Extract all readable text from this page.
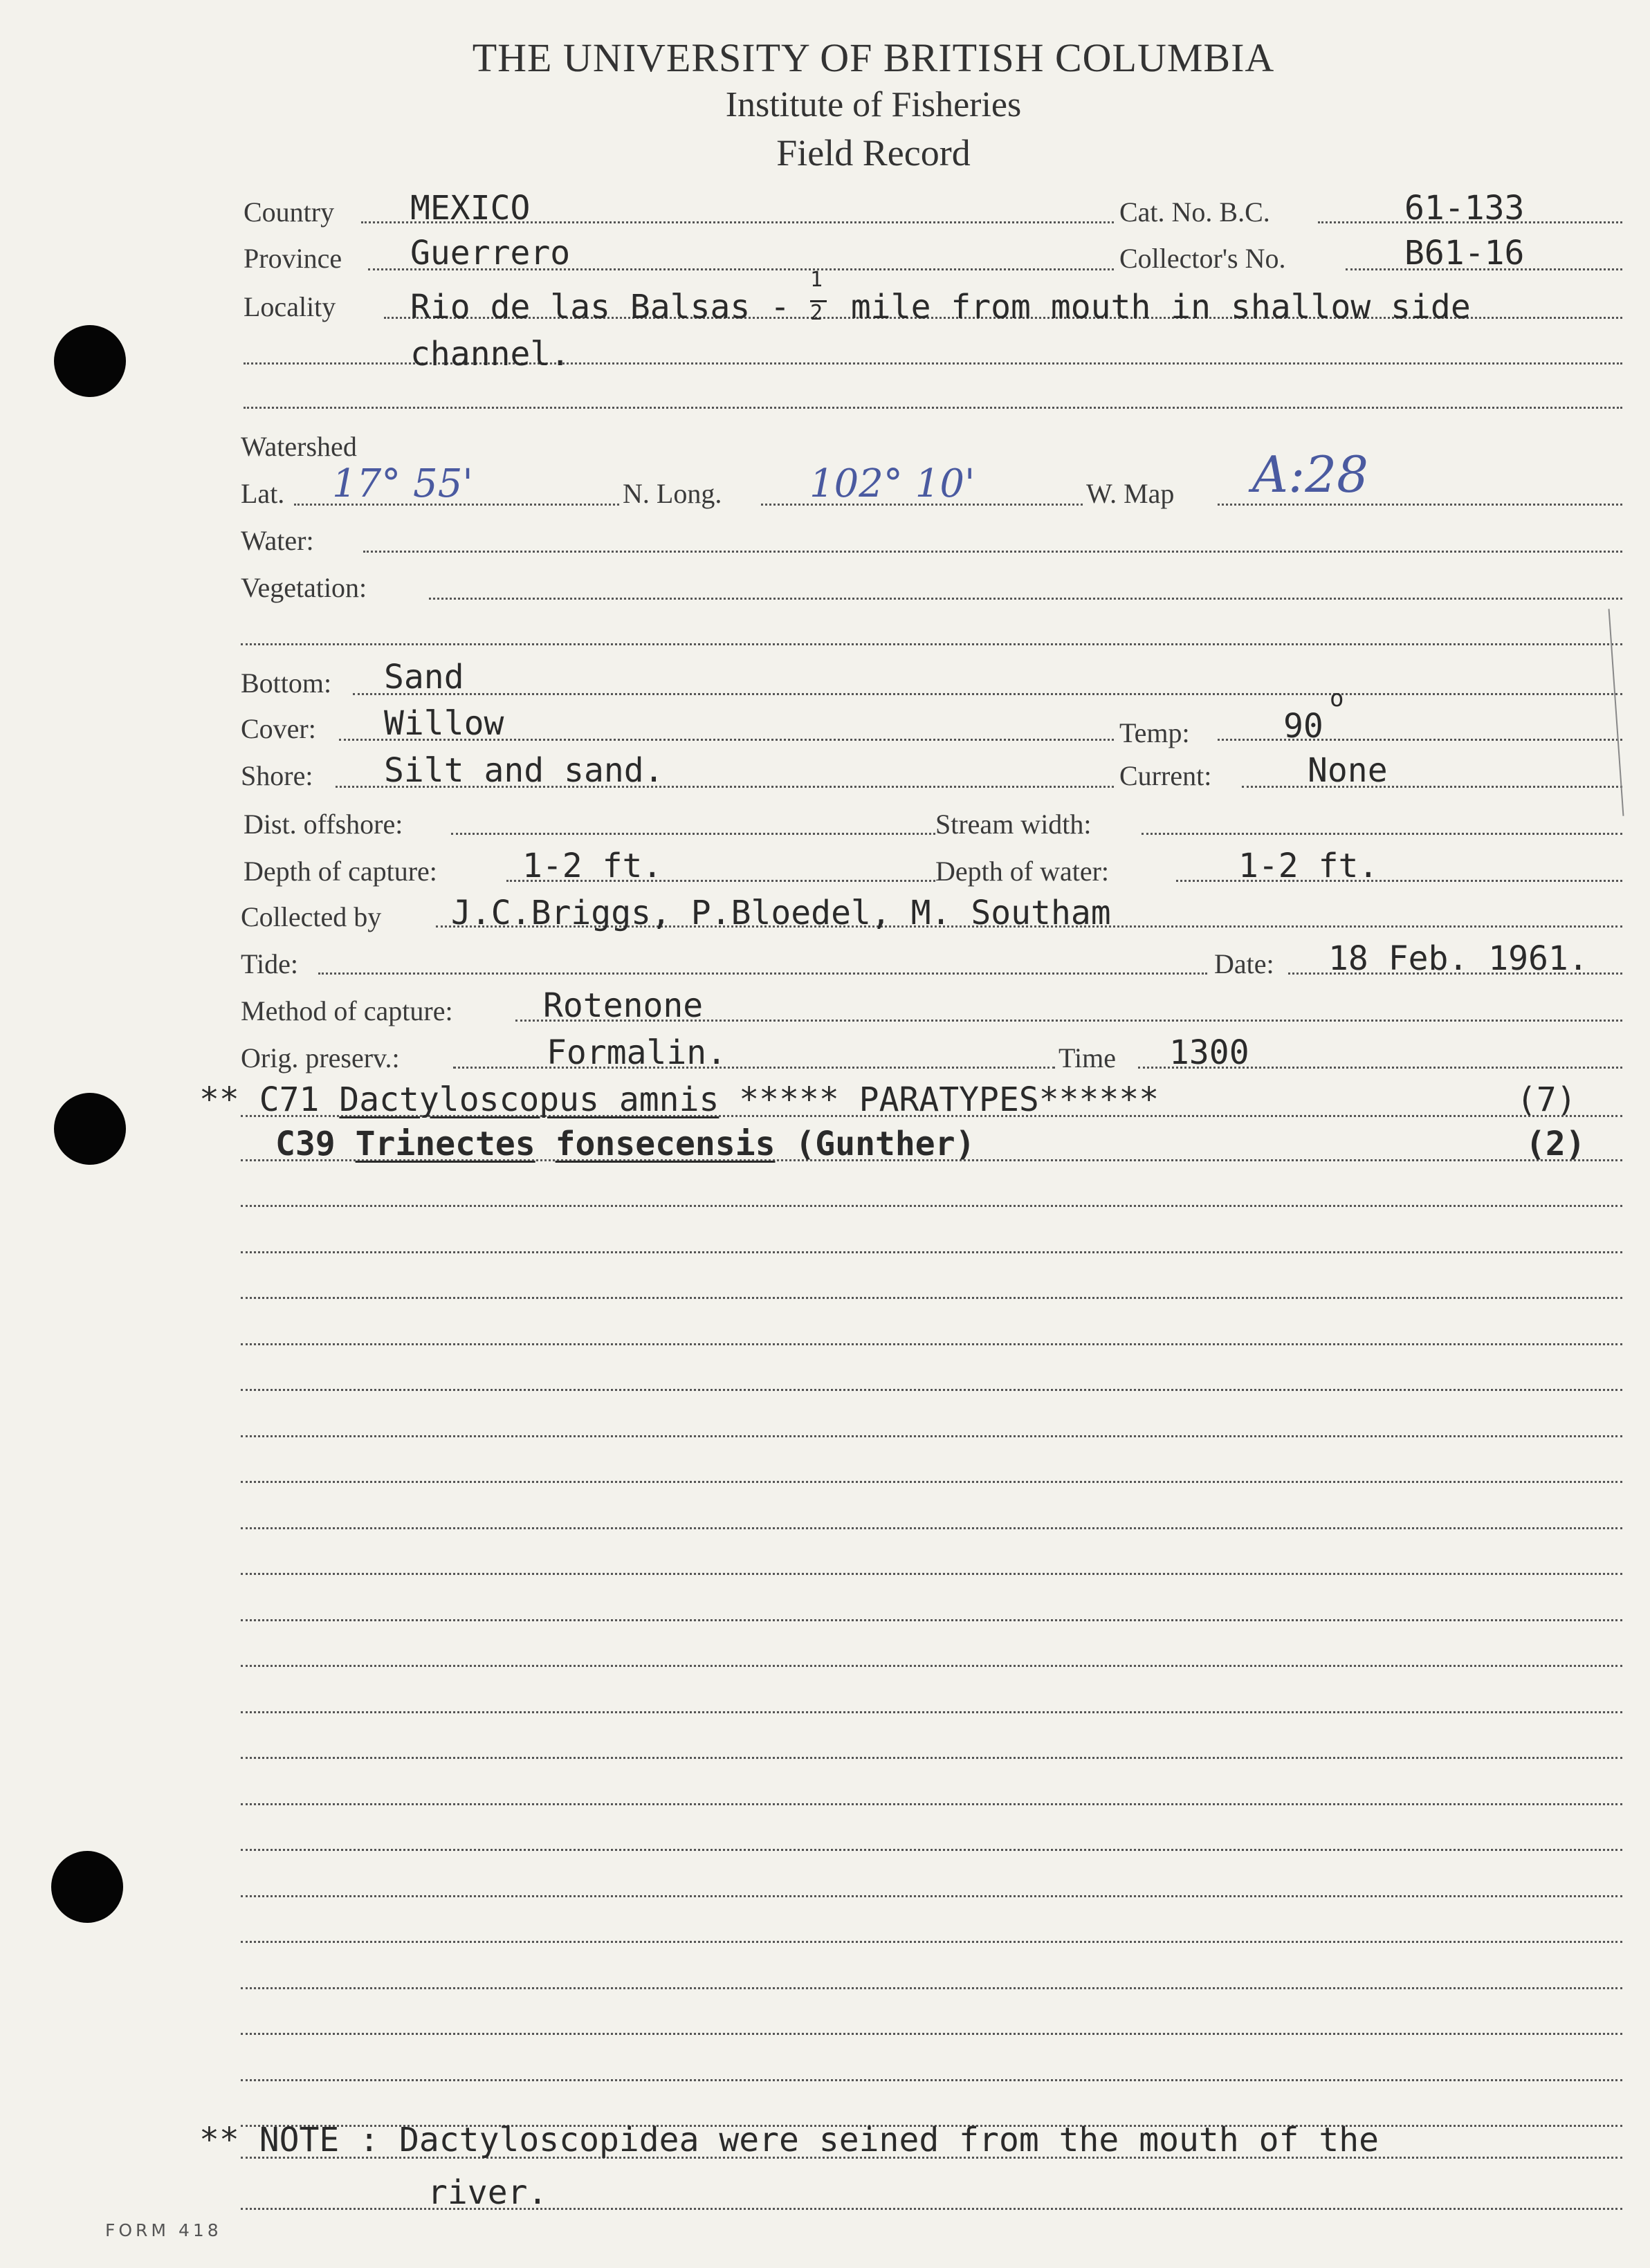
THE UNIVERSITY OF BRITISH COLUMBIA
Institute of Fisheries
Field Record
Country MEXICO	Cat. No. B.C.	61-133
Province Guerrero	Collector's No.	B61-16
Locality Rio de las Balsas - $\frac{1}{2}$ mile from mouth in shallow side
channel.
Watershed
Lat. 17° 55'	N. Long. 102° 10'	W. Map A:28
Water:
Vegetation:
Bottom: Sand
Cover: Willow	Temp:	90
o
Shore: Silt and sand.	Current:	None
Dist. offshore:	Stream width:
Depth of capture:	1-2 ft.	Depth of water:	1-2 ft.
Collected by J.C.Briggs, P.Bloedel, M. Southam
Tide:	Date: 18 Feb. 1961.
Method of capture:	Rotenone
Orig. preserv.:	Formalin.	Time 1300
** C71 Dactyloscopus amnis ***** PARATYPES******	(7)
C39 Trinectes fonsecensis (Gunther)	(2)
** NOTE : Dactyloscopidea were seined from the mouth of the
river.
FORM 418
